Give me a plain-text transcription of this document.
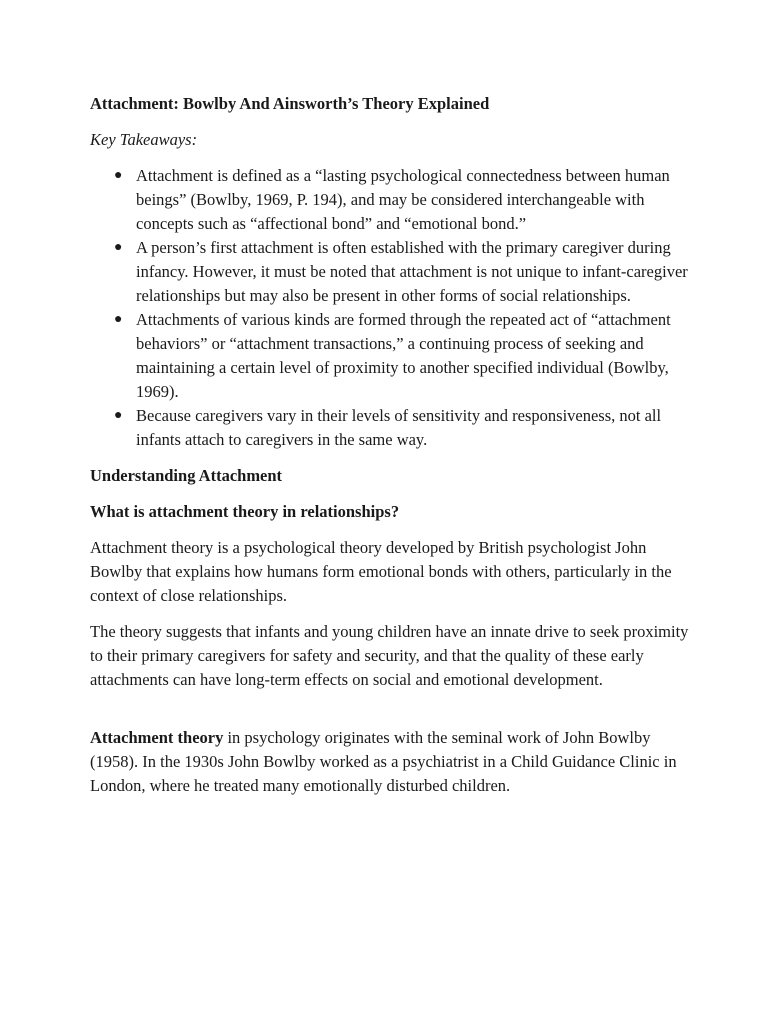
Attachment: Bowlby And Ainsworth’s Theory Explained
Key Takeaways:
● Attachment is defined as a “lasting psychological connectedness between human beings” (Bowlby, 1969, P. 194), and may be considered interchangeable with concepts such as “affectional bond” and “emotional bond.”
● A person’s first attachment is often established with the primary caregiver during infancy. However, it must be noted that attachment is not unique to infant-caregiver relationships but may also be present in other forms of social relationships.
● Attachments of various kinds are formed through the repeated act of “attachment behaviors” or “attachment transactions,” a continuing process of seeking and maintaining a certain level of proximity to another specified individual (Bowlby, 1969).
● Because caregivers vary in their levels of sensitivity and responsiveness, not all infants attach to caregivers in the same way.
Understanding Attachment
What is attachment theory in relationships?

Attachment theory is a psychological theory developed by British psychologist John Bowlby that explains how humans form emotional bonds with others, particularly in the context of close relationships.

The theory suggests that infants and young children have an innate drive to seek proximity to their primary caregivers for safety and security, and that the quality of these early attachments can have long-term effects on social and emotional development.

Attachment theory in psychology originates with the seminal work of John Bowlby (1958). In the 1930s John Bowlby worked as a psychiatrist in a Child Guidance Clinic in London, where he treated many emotionally disturbed children.
